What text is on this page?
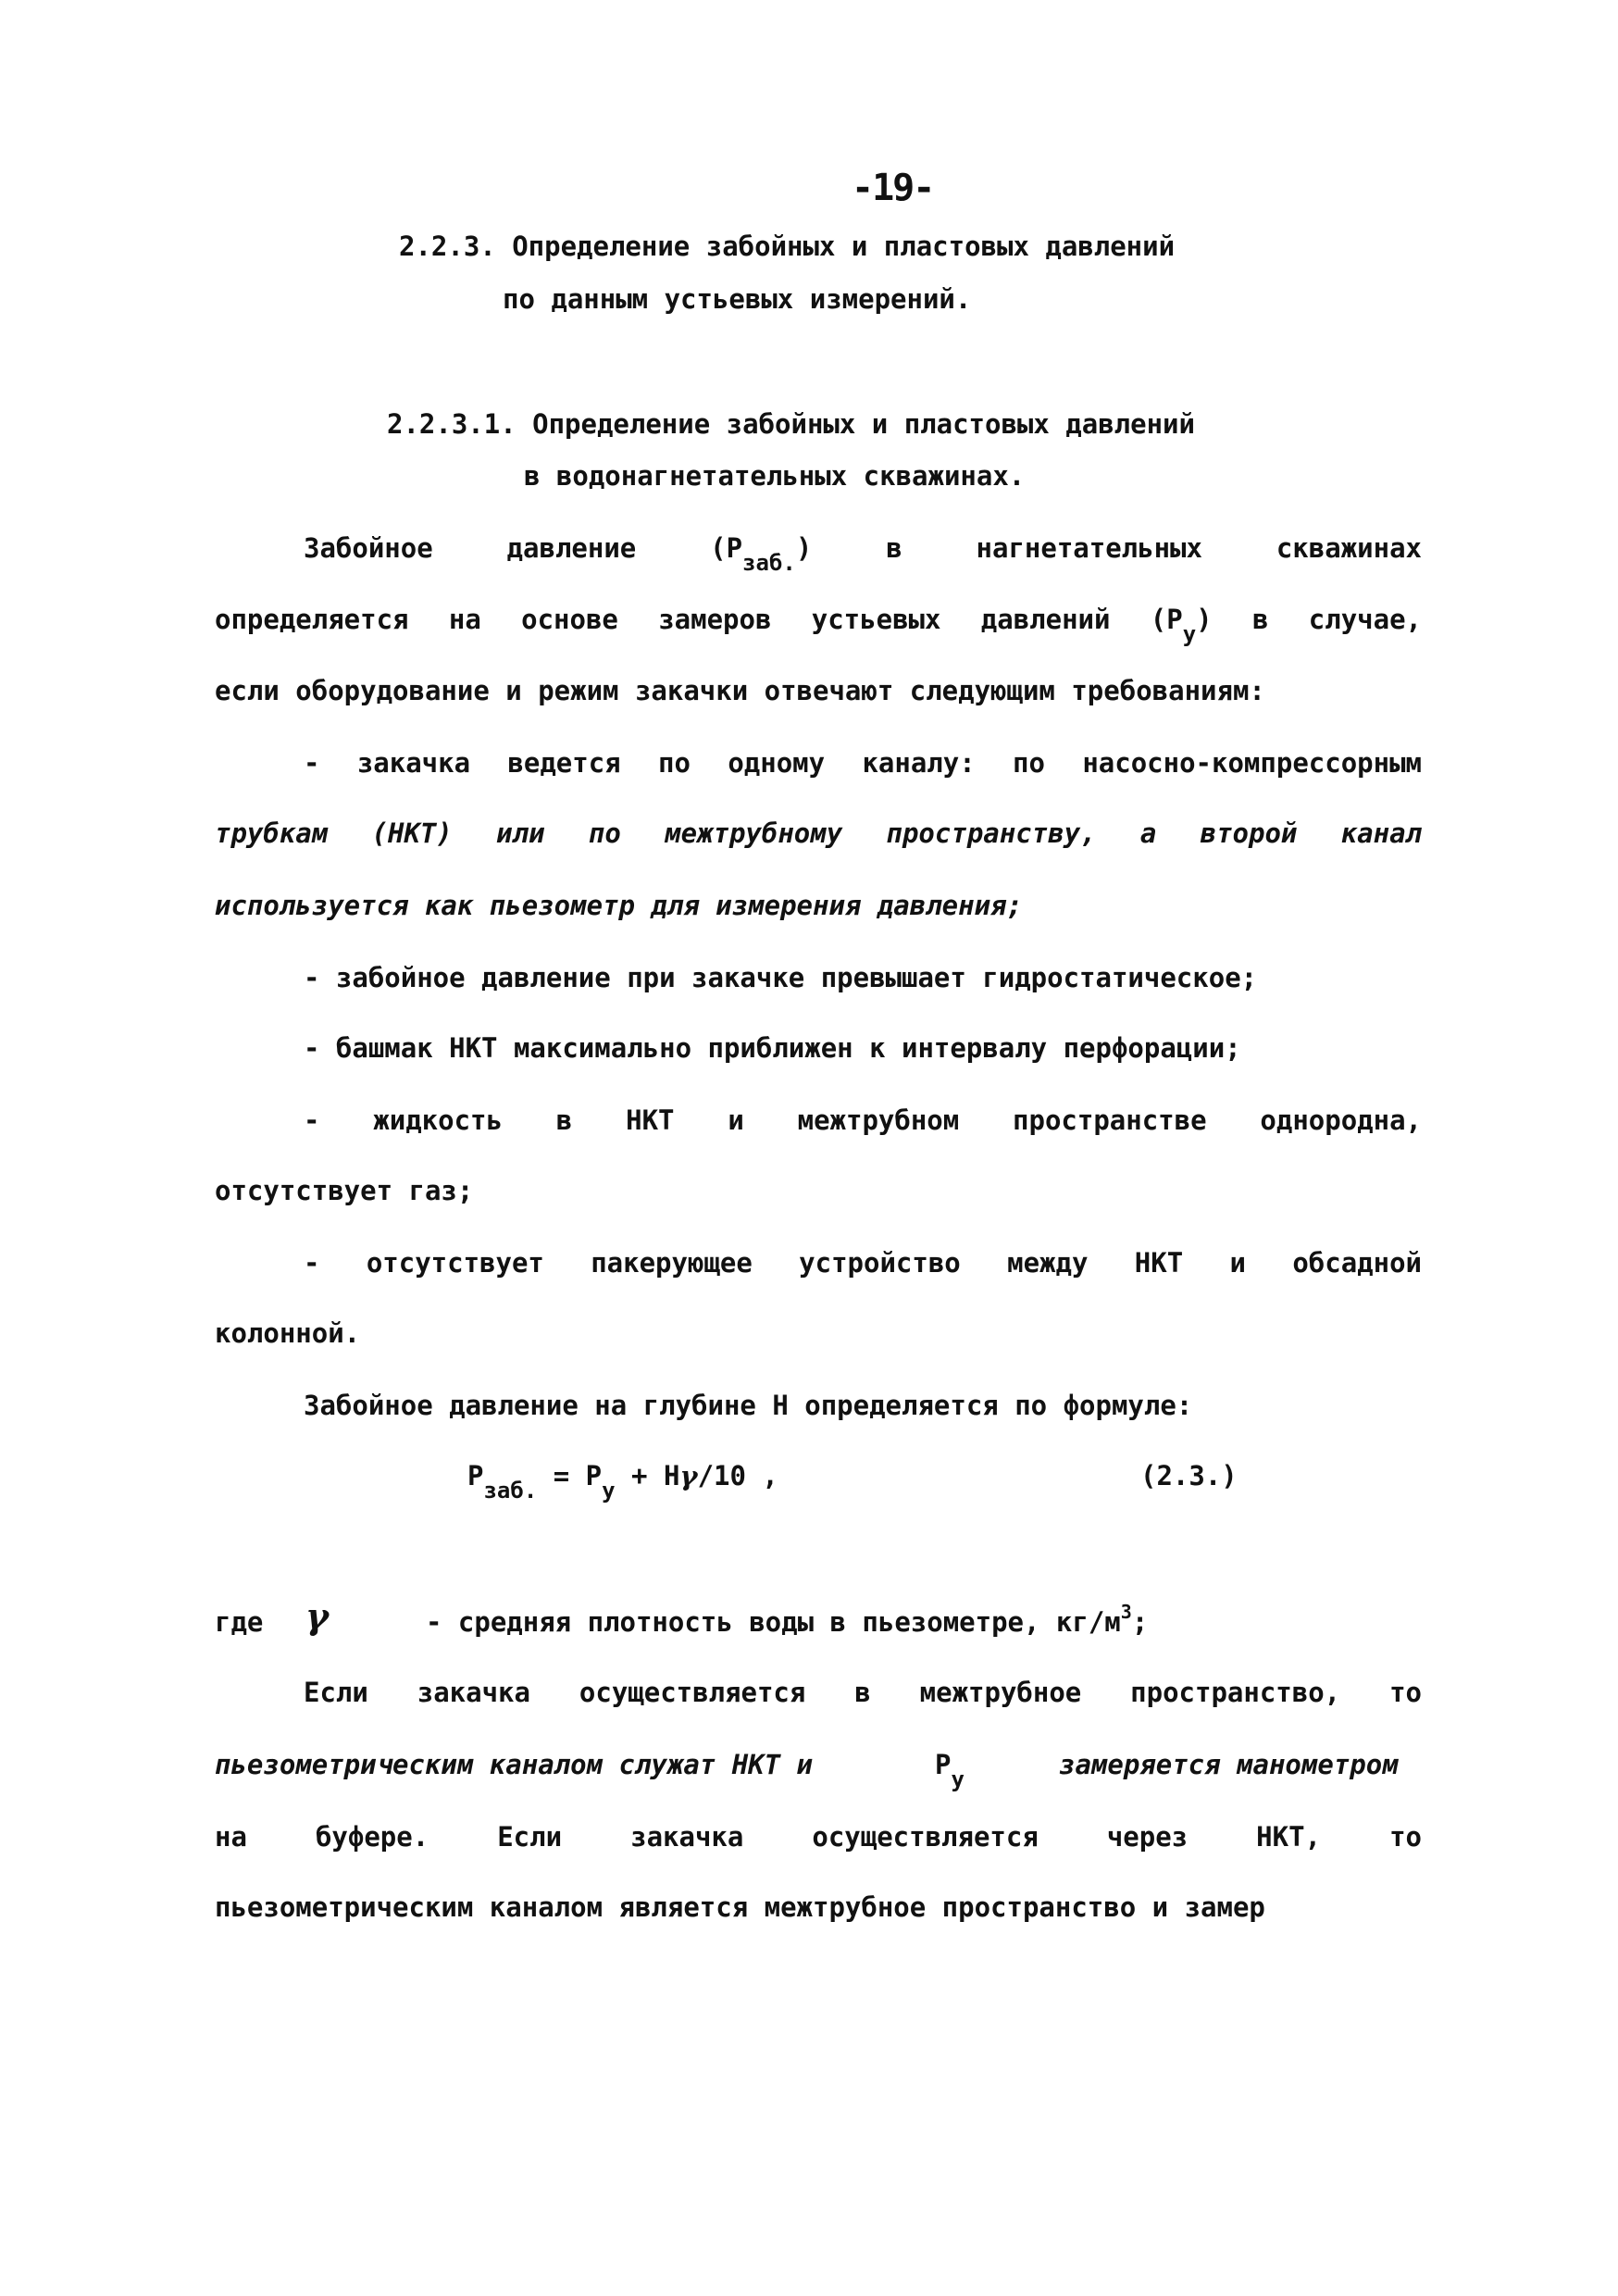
-19-
2.2.3. Определение забойных и пластовых давлений
по данным устьевых измерений.
2.2.3.1. Определение забойных и пластовых давлений
в водонагнетательных скважинах.
Забойное давление $(P_{заб.})$ в нагнетательных скважинах
определяется на основе замеров устьевых давлений $(P_у)$ в случае,
если оборудование и режим закачки отвечают следующим требованиям:
- закачка ведется по одному каналу: по насосно-компрессорным
трубкам (НКТ) или по межтрубному пространству, а второй канал
используется как пьезометр для измерения давления;
- забойное давление при закачке превышает гидростатическое;
- башмак НКТ максимально приближен к интервалу перфорации;
- жидкость в НКТ и межтрубном пространстве однородна,
отсутствует газ;
- отсутствует пакерующее устройство между НКТ и обсадной
колонной.
Забойное давление на глубине H определяется по формуле:
$P_{заб.} = P_у + H\gamma/10$ ,	(2.3.)
где γ	- средняя плотность воды в пьезометре, $кг/м^3$;
Если закачка осуществляется в межтрубное пространство, то
пьезометрическим каналом служат НКТ и	$P_у$	замеряется манометром
на буфере. Если закачка осуществляется через НКТ, то
пьезометрическим каналом является межтрубное пространство и замер
